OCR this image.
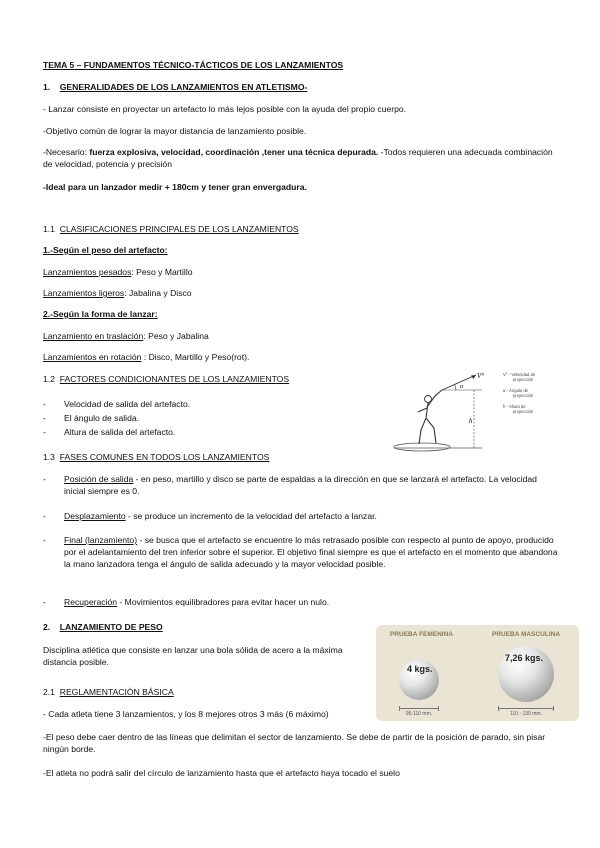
TEMA 5 – FUNDAMENTOS TÉCNICO-TÁCTICOS DE LOS LANZAMIENTOS
1. GENERALIDADES DE LOS LANZAMIENTOS EN ATLETISMO-
- Lanzar consiste en proyectar un artefacto lo más lejos posible con la ayuda del propio cuerpo.
-Objetivo común de lograr la mayor distancia de lanzamiento posible.
-Necesario: fuerza explosiva, velocidad, coordinación ,tener una técnica depurada. -Todos requieren una adecuada combinación de velocidad, potencia y precisión
-Ideal para un lanzador medir + 180cm y tener gran envergadura.
1.1 CLASIFICACIONES PRINCIPALES DE LOS LANZAMIENTOS
1.-Según el peso del artefacto:
Lanzamientos pesados: Peso y Martillo
Lanzamientos ligeros: Jabalina y Disco
2.-Según la forma de lanzar:
Lanzamiento en traslación: Peso y Jabalina
Lanzamientos en rotación : Disco, Martillo y Peso(rot).
1.2 FACTORES CONDICIONANTES DE LOS LANZAMIENTOS
- Velocidad de salida del artefacto.
- El ángulo de salida.
- Altura de salida del artefacto.
V°
α
h
V° - Velocidad de
proyección
α - Ángulo de
proyección
h - Altura de
proyección
1.3 FASES COMUNES EN TODOS LOS LANZAMIENTOS
- Posición de salida - en peso, martillo y disco se parte de espaldas a la dirección en que se lanzará el artefacto. La velocidad inicial siempre es 0.
- Desplazamiento - se produce un incremento de la velocidad del artefacto a lanzar.
- Final (lanzamiento) - se busca que el artefacto se encuentre lo más retrasado posible con respecto al punto de apoyo, producido por el adelantamiento del tren inferior sobre el superior. El objetivo final siempre es que el artefacto en el momento que abandona la mano lanzadora tenga el ángulo de salida adecuado y la mayor velocidad posible.
- Recuperación - Movimientos equilibradores para evitar hacer un nulo.
2. LANZAMIENTO DE PESO
Disciplina atlética que consiste en lanzar una bola sólida de acero a la máxima distancia posible.
PRUEBA FEMENINA	PRUEBA MASCULINA
4 kgs.
7,26 kgs.
95-110 mm.	110 - 130 mm.
2.1 REGLAMENTACIÓN BÁSICA
- Cada atleta tiene 3 lanzamientos, y los 8 mejores otros 3 más (6 máximo)
-El peso debe caer dentro de las líneas que delimitan el sector de lanzamiento. Se debe de partir de la posición de parado, sin pisar ningún borde.
-El atleta no podrá salir del círculo de lanzamiento hasta que el artefacto haya tocado el suelo
